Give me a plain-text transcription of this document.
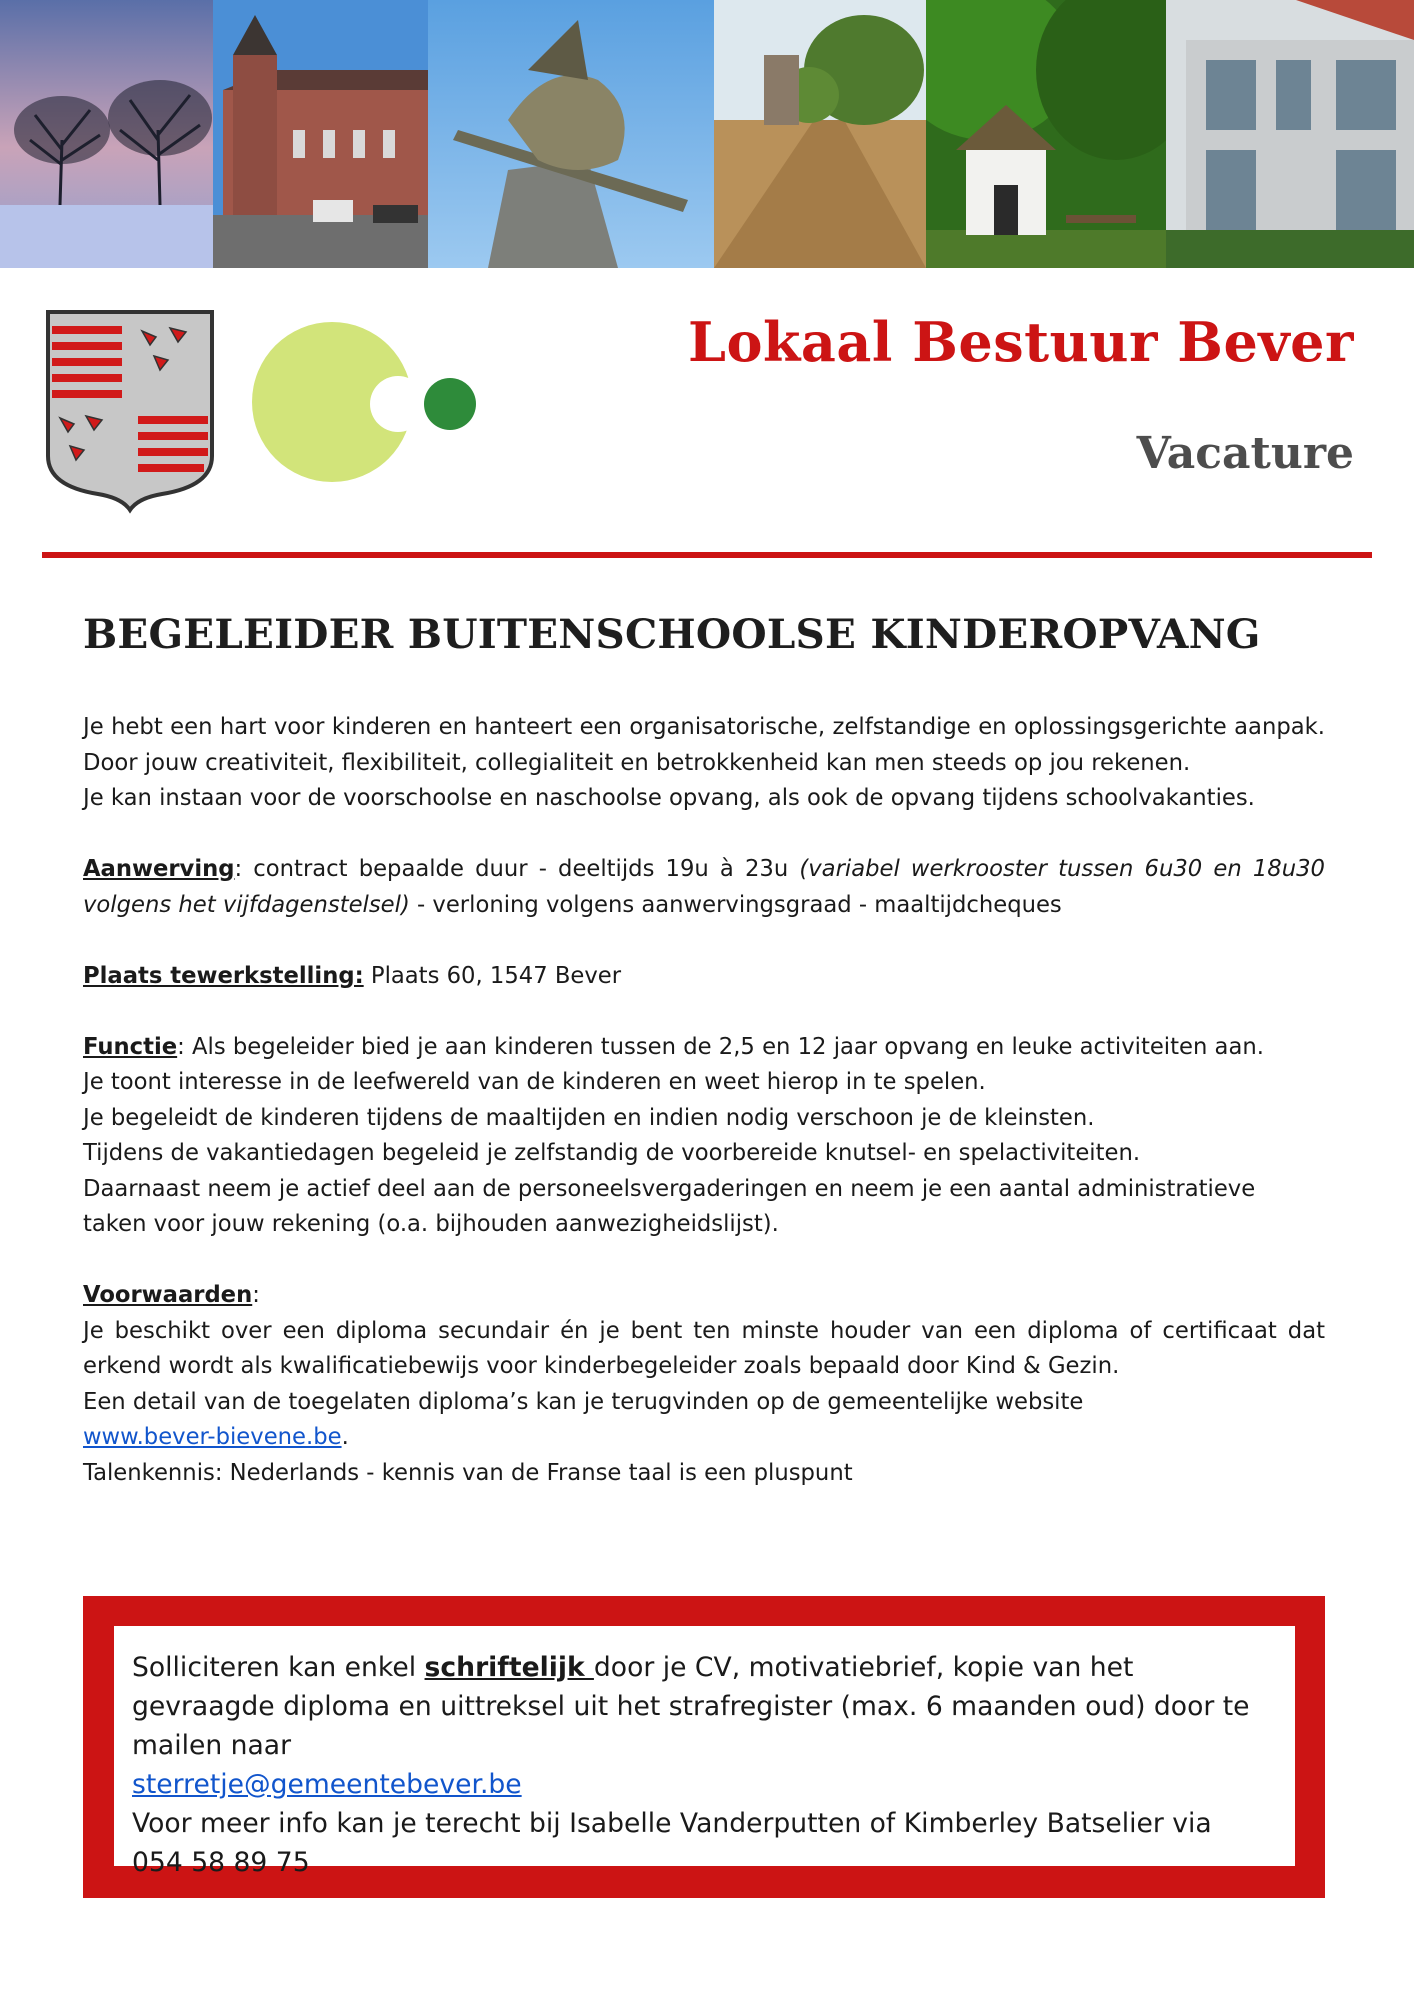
Lokaal Bestuur Bever
Vacature
BEGELEIDER BUITENSCHOOLSE KINDEROPVANG

Je hebt een hart voor kinderen en hanteert een organisatorische, zelfstandige en oplossingsgerichte aanpak. Door jouw creativiteit, flexibiliteit, collegialiteit en betrokkenheid kan men steeds op jou rekenen.

Je kan instaan voor de voorschoolse en naschoolse opvang, als ook de opvang tijdens schoolvakanties.

Aanwerving: contract bepaalde duur - deeltijds 19u à 23u (variabel werkrooster tussen 6u30 en 18u30 volgens het vijfdagenstelsel) - verloning volgens aanwervingsgraad - maaltijdcheques

Plaats tewerkstelling: Plaats 60, 1547 Bever

Functie: Als begeleider bied je aan kinderen tussen de 2,5 en 12 jaar opvang en leuke activiteiten aan.

Je toont interesse in de leefwereld van de kinderen en weet hierop in te spelen.

Je begeleidt de kinderen tijdens de maaltijden en indien nodig verschoon je de kleinsten.

Tijdens de vakantiedagen begeleid je zelfstandig de voorbereide knutsel- en spelactiviteiten.

Daarnaast neem je actief deel aan de personeelsvergaderingen en neem je een aantal administratieve taken voor jouw rekening (o.a. bijhouden aanwezigheidslijst).

Voorwaarden:

Je beschikt over een diploma secundair én je bent ten minste houder van een diploma of certificaat dat erkend wordt als kwalificatiebewijs voor kinderbegeleider zoals bepaald door Kind & Gezin.

Een detail van de toegelaten diploma’s kan je terugvinden op de gemeentelijke website

www.bever-bievene.be.

Talenkennis: Nederlands - kennis van de Franse taal is een pluspunt

Solliciteren kan enkel schriftelijk door je CV, motivatiebrief, kopie van het gevraagde diploma en uittreksel uit het strafregister (max. 6 maanden oud) door te mailen naar

sterretje@gemeentebever.be

Voor meer info kan je terecht bij Isabelle Vanderputten of Kimberley Batselier via

054 58 89 75
